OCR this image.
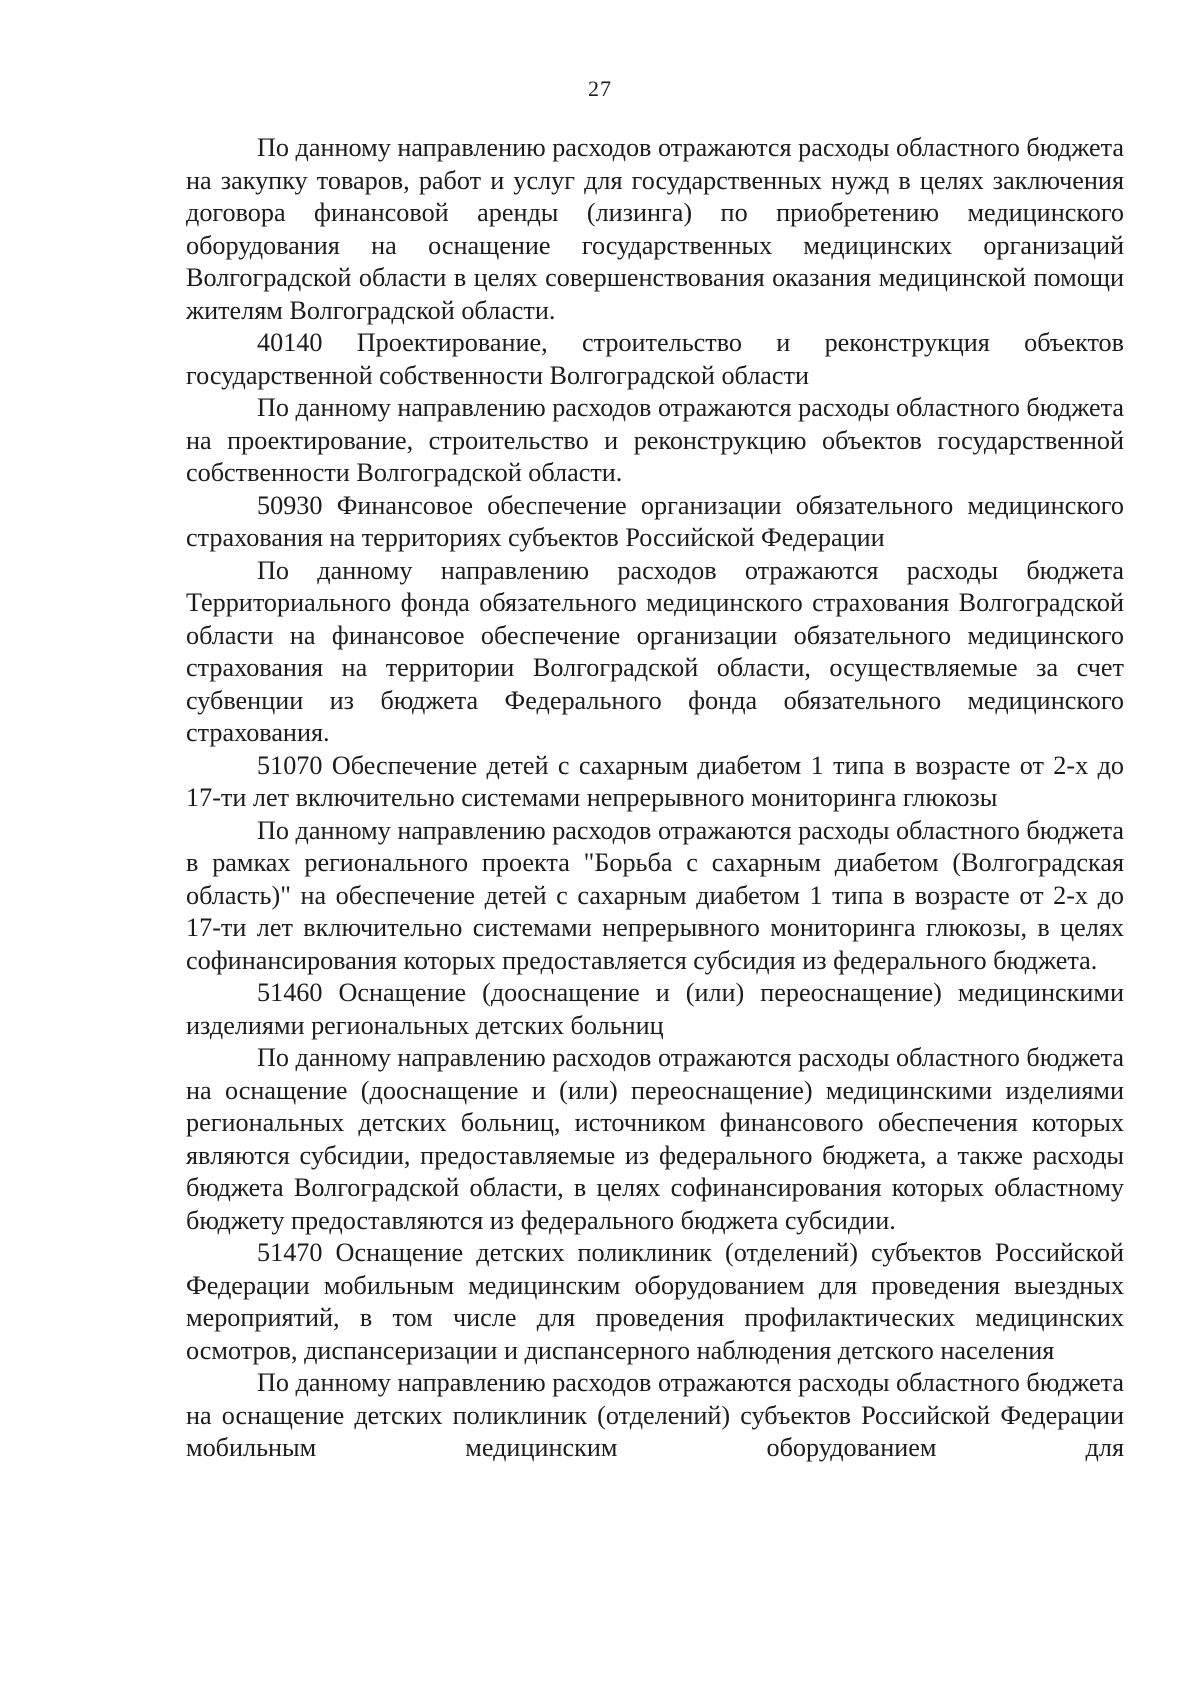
27

По данному направлению расходов отражаются расходы областного бюджета на закупку товаров, работ и услуг для государственных нужд в целях заключения договора финансовой аренды (лизинга) по приобретению медицинского оборудования на оснащение государственных медицинских организаций Волгоградской области в целях совершенствования оказания медицинской помощи жителям Волгоградской области.

40140 Проектирование, строительство и реконструкция объектов государственной собственности Волгоградской области

По данному направлению расходов отражаются расходы областного бюджета на проектирование, строительство и реконструкцию объектов государственной собственности Волгоградской области.

50930 Финансовое обеспечение организации обязательного медицинского страхования на территориях субъектов Российской Федерации

По данному направлению расходов отражаются расходы бюджета Территориального фонда обязательного медицинского страхования Волгоградской области на финансовое обеспечение организации обязательного медицинского страхования на территории Волгоградской области, осуществляемые за счет субвенции из бюджета Федерального фонда обязательного медицинского страхования.

51070 Обеспечение детей с сахарным диабетом 1 типа в возрасте от 2-х до 17-ти лет включительно системами непрерывного мониторинга глюкозы

По данному направлению расходов отражаются расходы областного бюджета в рамках регионального проекта "Борьба с сахарным диабетом (Волгоградская область)" на обеспечение детей с сахарным диабетом 1 типа в возрасте от 2-х до 17-ти лет включительно системами непрерывного мониторинга глюкозы, в целях софинансирования которых предоставляется субсидия из федерального бюджета.

51460 Оснащение (дооснащение и (или) переоснащение) медицинскими изделиями региональных детских больниц

По данному направлению расходов отражаются расходы областного бюджета на оснащение (дооснащение и (или) переоснащение) медицинскими изделиями региональных детских больниц, источником финансового обеспечения которых являются субсидии, предоставляемые из федерального бюджета, а также расходы бюджета Волгоградской области, в целях софинансирования которых областному бюджету предоставляются из федерального бюджета субсидии.

51470 Оснащение детских поликлиник (отделений) субъектов Российской Федерации мобильным медицинским оборудованием для проведения выездных мероприятий, в том числе для проведения профилактических медицинских осмотров, диспансеризации и диспансерного наблюдения детского населения

По данному направлению расходов отражаются расходы областного бюджета на оснащение детских поликлиник (отделений) субъектов Российской Федерации мобильным медицинским оборудованием для
